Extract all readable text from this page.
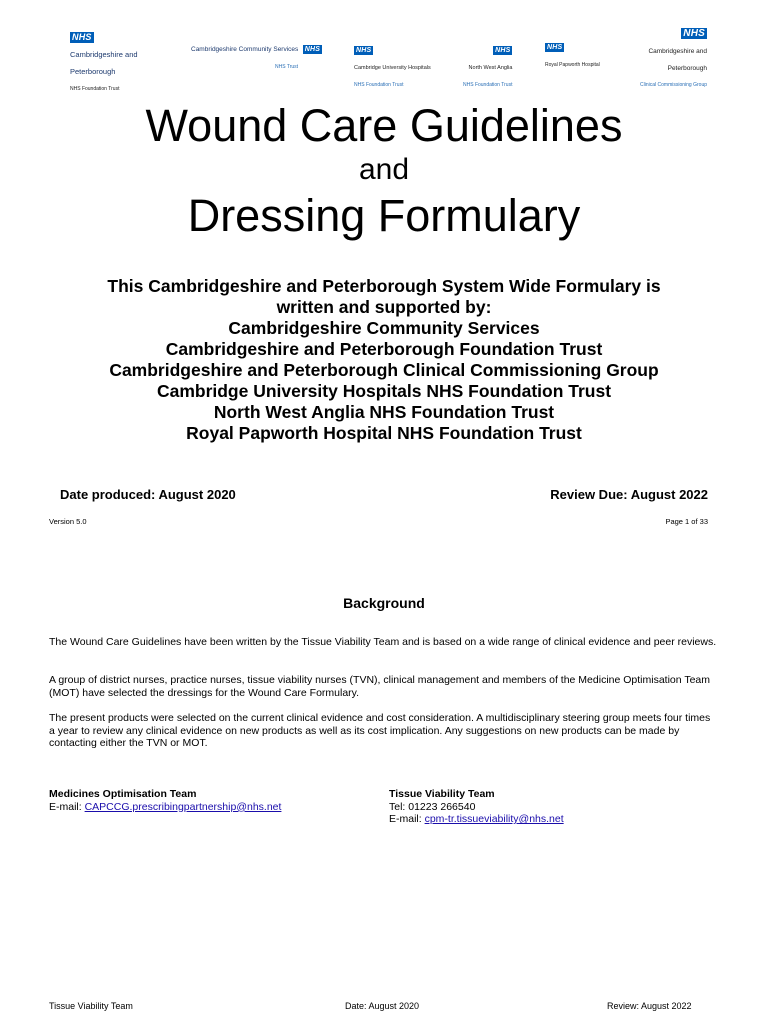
NHS
Cambridgeshire and
Peterborough
NHS Foundation Trust
Cambridgeshire Community Services NHS
NHS Trust
NHS
Cambridge University Hospitals
NHS Foundation Trust
NHS
North West Anglia
NHS Foundation Trust
NHS
Royal Papworth Hospital
NHS
Cambridgeshire and
Peterborough
Clinical Commissioning Group
Wound Care Guidelines
and
Dressing Formulary
This Cambridgeshire and Peterborough System Wide Formulary is
written and supported by:
Cambridgeshire Community Services
Cambridgeshire and Peterborough Foundation Trust
Cambridgeshire and Peterborough Clinical Commissioning Group
Cambridge University Hospitals NHS Foundation Trust
North West Anglia NHS Foundation Trust
Royal Papworth Hospital NHS Foundation Trust
Date produced: August 2020	Review Due: August 2022
Version 5.0	Page 1 of 33
Background
The Wound Care Guidelines have been written by the Tissue Viability Team and is based on a wide range of clinical evidence and peer reviews.
A group of district nurses, practice nurses, tissue viability nurses (TVN), clinical management and members of the Medicine Optimisation Team (MOT) have selected the dressings for the Wound Care Formulary.
The present products were selected on the current clinical evidence and cost consideration. A multidisciplinary steering group meets four times a year to review any clinical evidence on new products as well as its cost implication. Any suggestions on new products can be made by contacting either the TVN or MOT.
Medicines Optimisation Team
E-mail: CAPCCG.prescribingpartnership@nhs.net
Tissue Viability Team
Tel: 01223 266540
E-mail: cpm-tr.tissueviability@nhs.net
Tissue Viability Team	Date: August 2020	Review: August 2022
